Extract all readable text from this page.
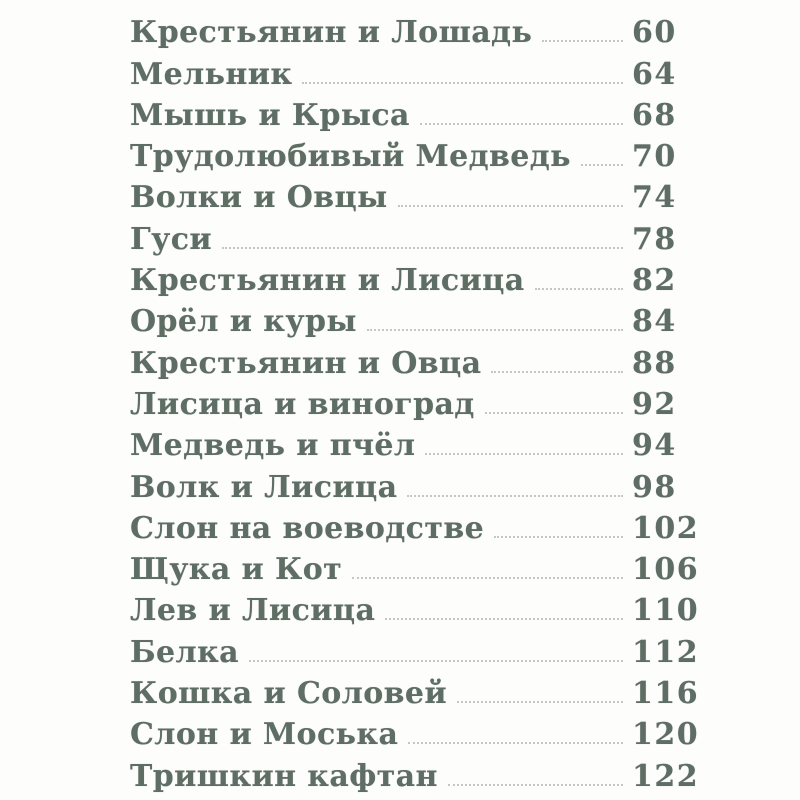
Крестьянин и Лошадь	60
Мельник	64
Мышь и Крыса	68
Трудолюбивый Медведь 70
Волки и Овцы	74
Гуси	78
Крестьянин и Лисица	82
Орёл и куры	84
Крестьянин и Овца	88
Лисица и виноград	92
Медведь и пчёл	94
Волк и Лисица	98
Слон на воеводстве	102
Щука и Кот	106
Лев и Лисица	110
Белка	112
Кошка и Соловей	116
Слон и Моська	120
Тришкин кафтан	122
